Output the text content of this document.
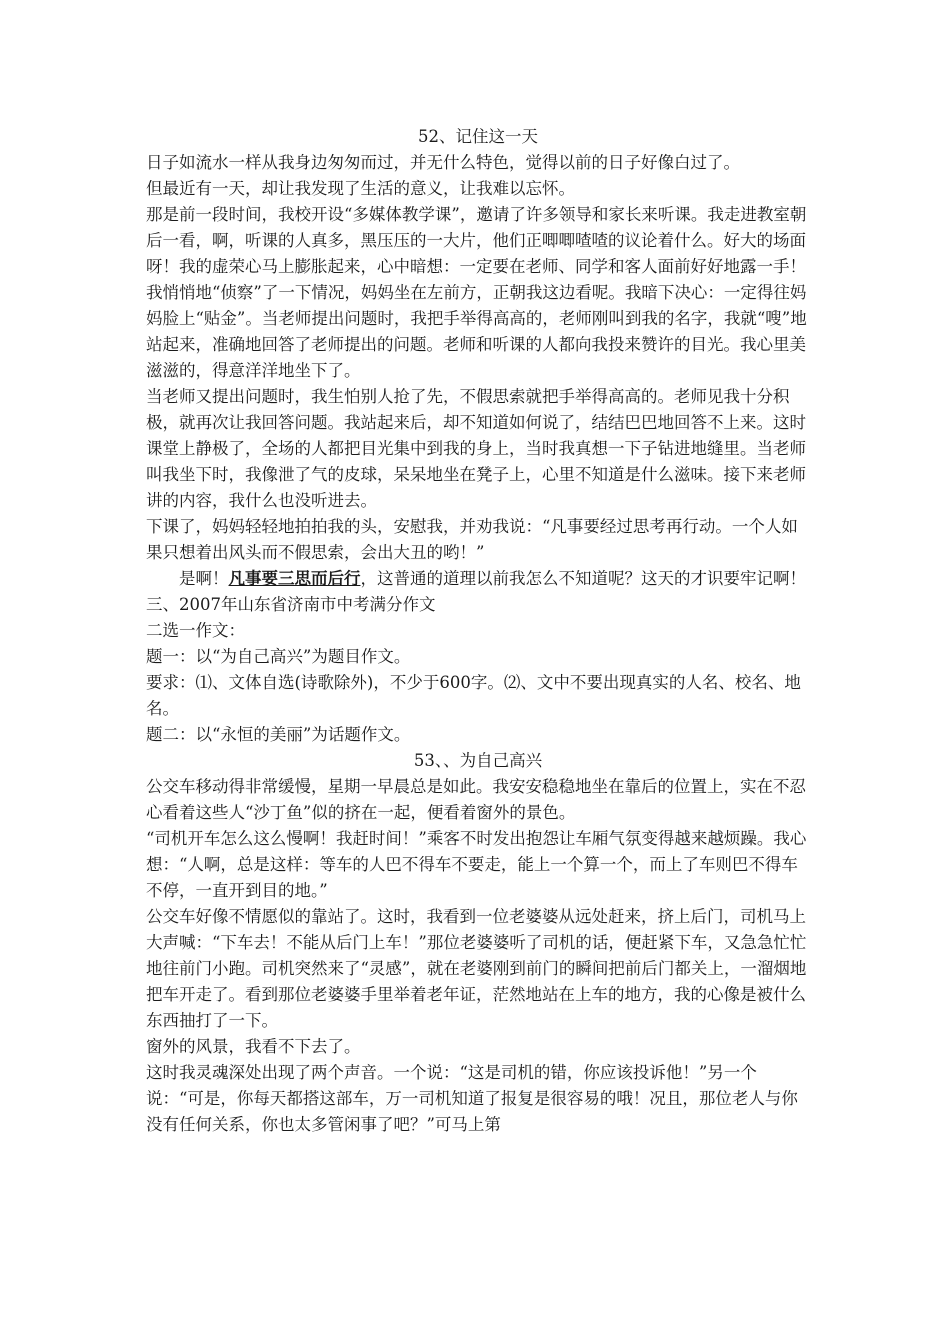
52、记住这一天

日子如流水一样从我身边匆匆而过，并无什么特色，觉得以前的日子好像白过了。

但最近有一天，却让我发现了生活的意义，让我难以忘怀。

那是前一段时间，我校开设“多媒体教学课”，邀请了许多领导和家长来听课。我走进教室朝后一看，啊，听课的人真多，黑压压的一大片，他们正唧唧喳喳的议论着什么。好大的场面呀！我的虚荣心马上膨胀起来，心中暗想：一定要在老师、同学和客人面前好好地露一手！我悄悄地“侦察”了一下情况，妈妈坐在左前方，正朝我这边看呢。我暗下决心：一定得往妈妈脸上“贴金”。当老师提出问题时，我把手举得高高的，老师刚叫到我的名字，我就“嗖”地站起来，准确地回答了老师提出的问题。老师和听课的人都向我投来赞许的目光。我心里美滋滋的，得意洋洋地坐下了。

当老师又提出问题时，我生怕别人抢了先，不假思索就把手举得高高的。老师见我十分积极，就再次让我回答问题。我站起来后，却不知道如何说了，结结巴巴地回答不上来。这时课堂上静极了，全场的人都把目光集中到我的身上，当时我真想一下子钻进地缝里。当老师叫我坐下时，我像泄了气的皮球，呆呆地坐在凳子上，心里不知道是什么滋味。接下来老师讲的内容，我什么也没听进去。

下课了，妈妈轻轻地拍拍我的头，安慰我，并劝我说：“凡事要经过思考再行动。一个人如果只想着出风头而不假思索，会出大丑的哟！”

是啊！凡事要三思而后行，这普通的道理以前我怎么不知道呢？这天的才识要牢记啊！

三、2007年山东省济南市中考满分作文

二选一作文：

题一：以“为自己高兴”为题目作文。

要求：⑴、文体自选(诗歌除外)，不少于600字。⑵、文中不要出现真实的人名、校名、地名。

题二：以“永恒的美丽”为话题作文。

53、、为自己高兴

公交车移动得非常缓慢，星期一早晨总是如此。我安安稳稳地坐在靠后的位置上，实在不忍心看着这些人“沙丁鱼”似的挤在一起，便看着窗外的景色。

“司机开车怎么这么慢啊！我赶时间！”乘客不时发出抱怨让车厢气氛变得越来越烦躁。我心想：“人啊，总是这样：等车的人巴不得车不要走，能上一个算一个，而上了车则巴不得车不停，一直开到目的地。”

公交车好像不情愿似的靠站了。这时，我看到一位老婆婆从远处赶来，挤上后门，司机马上大声喊：“下车去！不能从后门上车！”那位老婆婆听了司机的话，便赶紧下车，又急急忙忙地往前门小跑。司机突然来了“灵感”，就在老婆刚到前门的瞬间把前后门都关上，一溜烟地把车开走了。看到那位老婆婆手里举着老年证，茫然地站在上车的地方，我的心像是被什么东西抽打了一下。

窗外的风景，我看不下去了。

这时我灵魂深处出现了两个声音。一个说：“这是司机的错，你应该投诉他！”另一个说：“可是，你每天都搭这部车，万一司机知道了报复是很容易的哦！况且，那位老人与你没有任何关系，你也太多管闲事了吧？”可马上第
